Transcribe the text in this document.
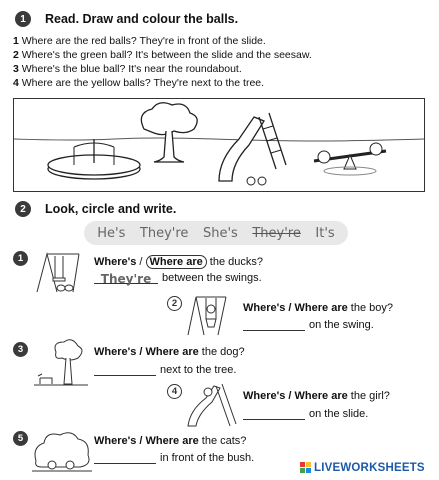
1	Read. Draw and colour the balls.
1 Where are the red balls? They're in front of the slide.
2 Where's the green ball? It's between the slide and the seesaw.
3 Where's the blue ball? It's near the roundabout.
4 Where are the yellow balls? They're next to the tree.
2	Look, circle and write.
He's They're She's They're It's
1	Where's / Where are the ducks?
They're between the swings.
2	Where's / Where are the boy?
on the swing.
3	Where's / Where are the dog?
next to the tree.
4	Where's / Where are the girl?
on the slide.
5	Where's / Where are the cats?
in front of the bush.
LIVEWORKSHEETS
